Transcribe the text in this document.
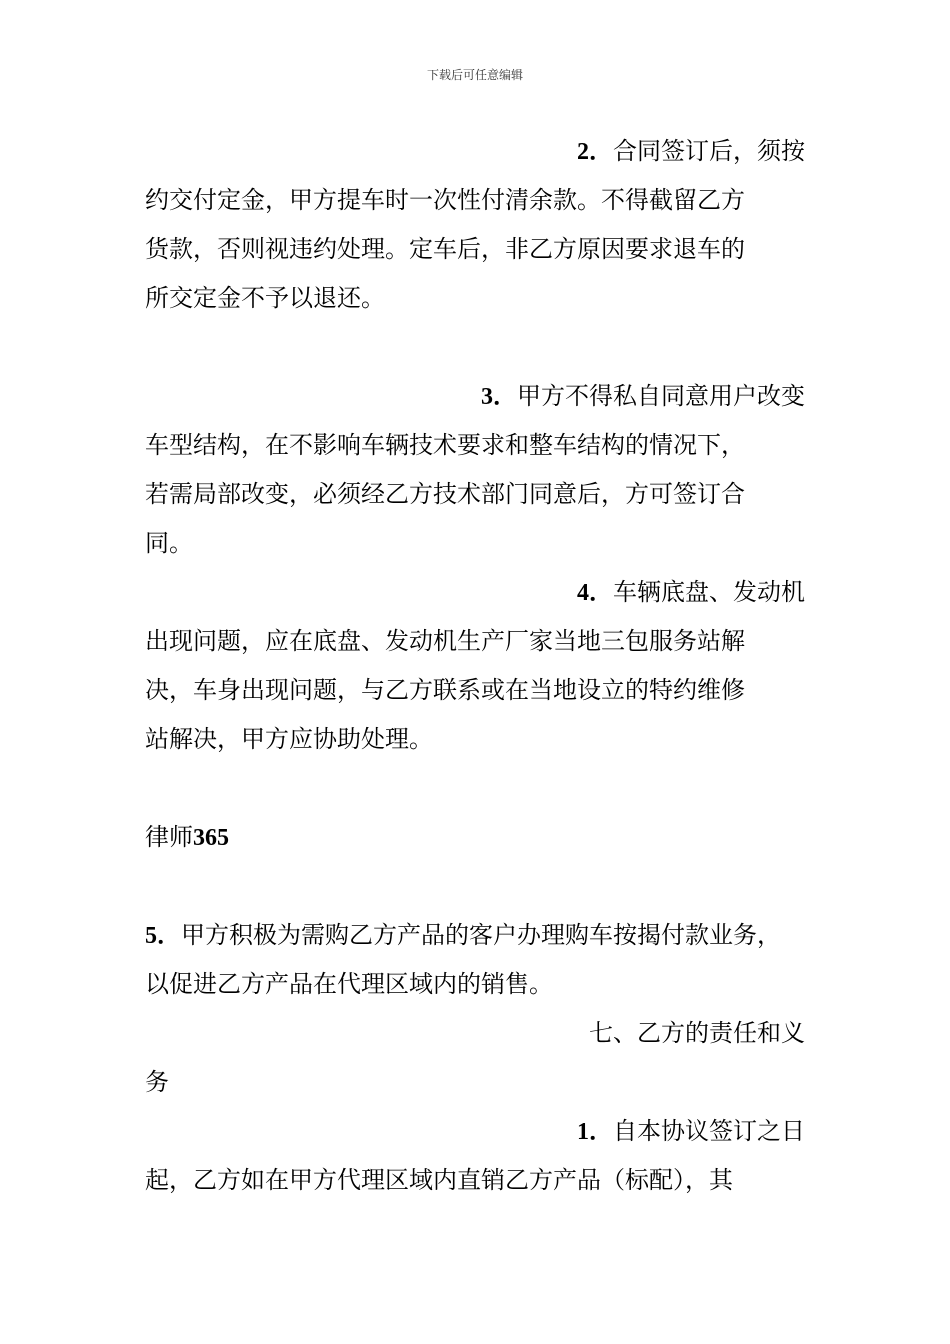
下载后可任意编辑
2．合同签订后，须按
约交付定金，甲方提车时一次性付清余款。不得截留乙方
货款，否则视违约处理。定车后，非乙方原因要求退车的
所交定金不予以退还。
3．甲方不得私自同意用户改变
车型结构，在不影响车辆技术要求和整车结构的情况下，
若需局部改变，必须经乙方技术部门同意后，方可签订合
同。
4．车辆底盘、发动机
出现问题，应在底盘、发动机生产厂家当地三包服务站解
决，车身出现问题，与乙方联系或在当地设立的特约维修
站解决，甲方应协助处理。
律师365
5．甲方积极为需购乙方产品的客户办理购车按揭付款业务，
以促进乙方产品在代理区域内的销售。
七、乙方的责任和义
务
1．自本协议签订之日
起，乙方如在甲方代理区域内直销乙方产品（标配），其
